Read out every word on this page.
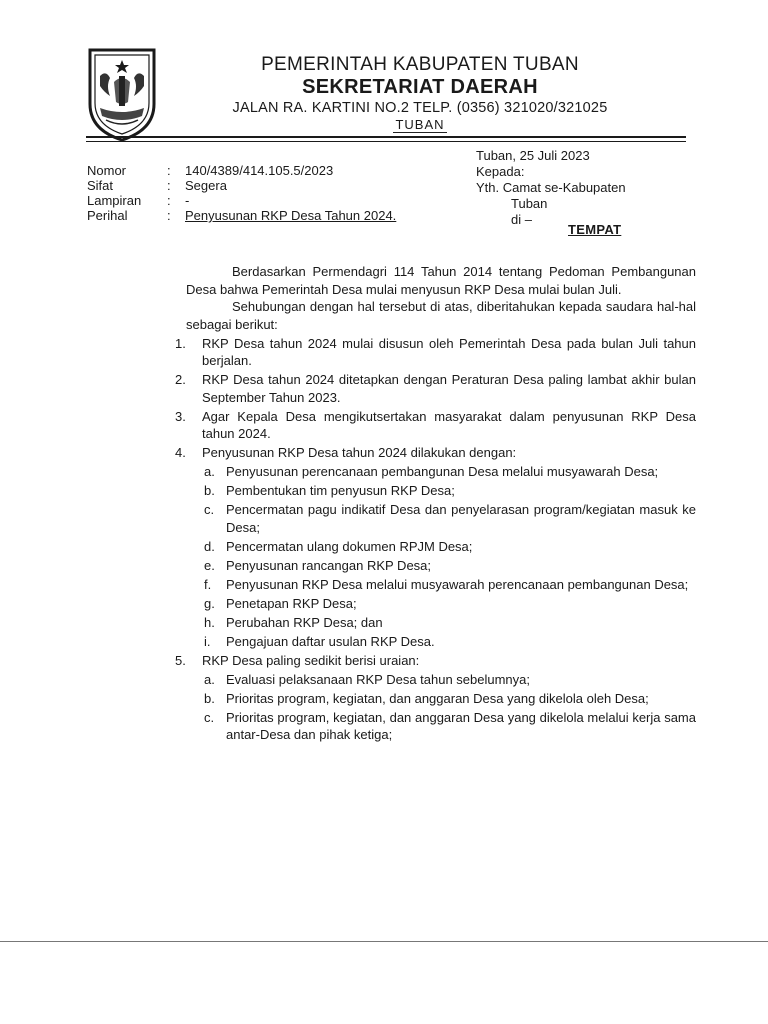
PEMERINTAH KABUPATEN TUBAN
SEKRETARIAT DAERAH
JALAN RA. KARTINI NO.2 TELP. (0356) 321020/321025
TUBAN
Nomor	:	140/4389/414.105.5/2023
Sifat	:	Segera
Lampiran	:	-
Perihal	:	Penyusunan RKP Desa Tahun 2024.
Tuban, 25 Juli 2023
Kepada:
Yth. Camat se-Kabupaten
Tuban
di –
TEMPAT

Berdasarkan Permendagri 114 Tahun 2014 tentang Pedoman Pembangunan Desa bahwa Pemerintah Desa mulai menyusun RKP Desa mulai bulan Juli.

Sehubungan dengan hal tersebut di atas, diberitahukan kepada saudara hal-hal sebagai berikut:

1.	RKP Desa tahun 2024 mulai disusun oleh Pemerintah Desa pada bulan Juli tahun berjalan.
2.	RKP Desa tahun 2024 ditetapkan dengan Peraturan Desa paling lambat akhir bulan September Tahun 2023.
3.	Agar Kepala Desa mengikutsertakan masyarakat dalam penyusunan RKP Desa tahun 2024.
4.	Penyusunan RKP Desa tahun 2024 dilakukan dengan:
a. Penyusunan perencanaan pembangunan Desa melalui musyawarah Desa;
b. Pembentukan tim penyusun RKP Desa;
c. Pencermatan pagu indikatif Desa dan penyelarasan program/kegiatan masuk ke Desa;
d. Pencermatan ulang dokumen RPJM Desa;
e. Penyusunan rancangan RKP Desa;
f. Penyusunan RKP Desa melalui musyawarah perencanaan pembangunan Desa;
g. Penetapan RKP Desa;
h. Perubahan RKP Desa; dan
i. Pengajuan daftar usulan RKP Desa.
5.	RKP Desa paling sedikit berisi uraian:
a. Evaluasi pelaksanaan RKP Desa tahun sebelumnya;
b. Prioritas program, kegiatan, dan anggaran Desa yang dikelola oleh Desa;
c. Prioritas program, kegiatan, dan anggaran Desa yang dikelola melalui kerja sama antar-Desa dan pihak ketiga;
